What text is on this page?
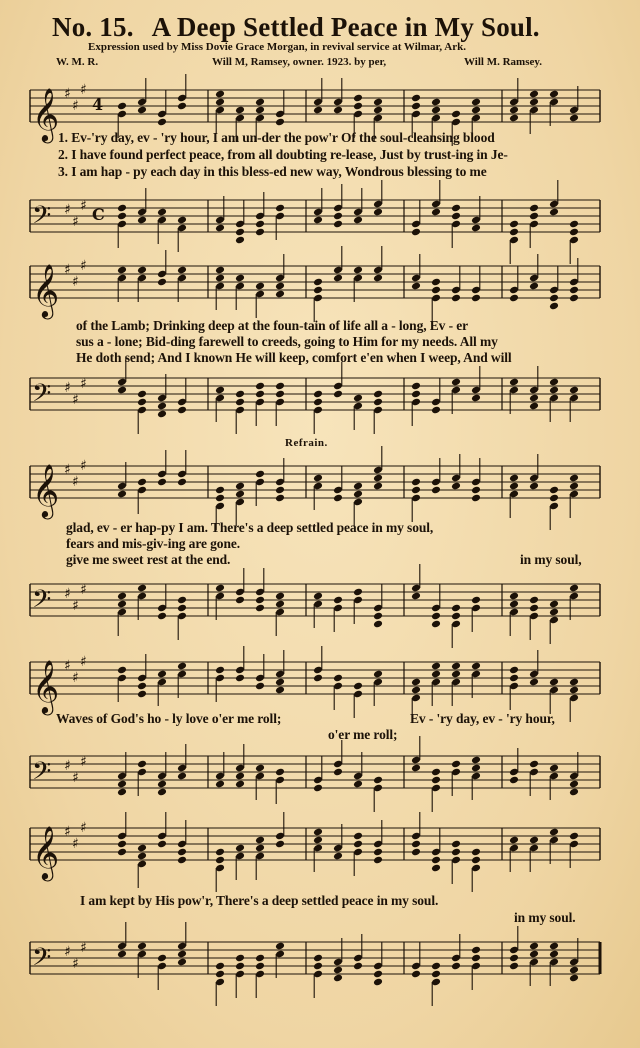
No. 15. A Deep Settled Peace in My Soul.
Expression used by Miss Dovie Grace Morgan, in revival service at Wilmar, Ark.
W. M. R.	Will M, Ramsey, owner. 1923. by per,	Will M. Ramsey.
𝄞 ♯
♯
♯
4
1. Ev-'ry day, ev - 'ry hour, I am un-der the pow'r Of the soul-cleansing blood
2. I have found perfect peace, from all doubting re-lease, Just by trust-ing in Je-
3. I am hap - py each day in this bless-ed new way, Wondrous blessing to me
𝄢 ♯
♯
♯ C
𝄞 ♯
♯
♯
of the Lamb; Drinking deep at the foun-tain of life all a - long, Ev - er
sus a - lone; Bid-ding farewell to creeds, going to Him for my needs. All my
He doth send; And I known He will keep, comfort e'en when I weep, And will
𝄢 ♯
♯
♯
Refrain.
𝄞 ♯
♯
♯
glad, ev - er hap-py I am. There's a deep settled peace in my soul,
fears and mis-giv-ing are gone.
give me sweet rest at the end.	in my soul,
𝄢 ♯
♯
♯
𝄞 ♯
♯
♯
Waves of God's ho - ly love o'er me roll;	Ev - 'ry day, ev - 'ry hour,
o'er me roll;
𝄢 ♯
♯
♯
𝄞 ♯
♯
♯
I am kept by His pow'r, There's a deep settled peace in my soul.
in my soul.
𝄢 ♯
♯
♯
